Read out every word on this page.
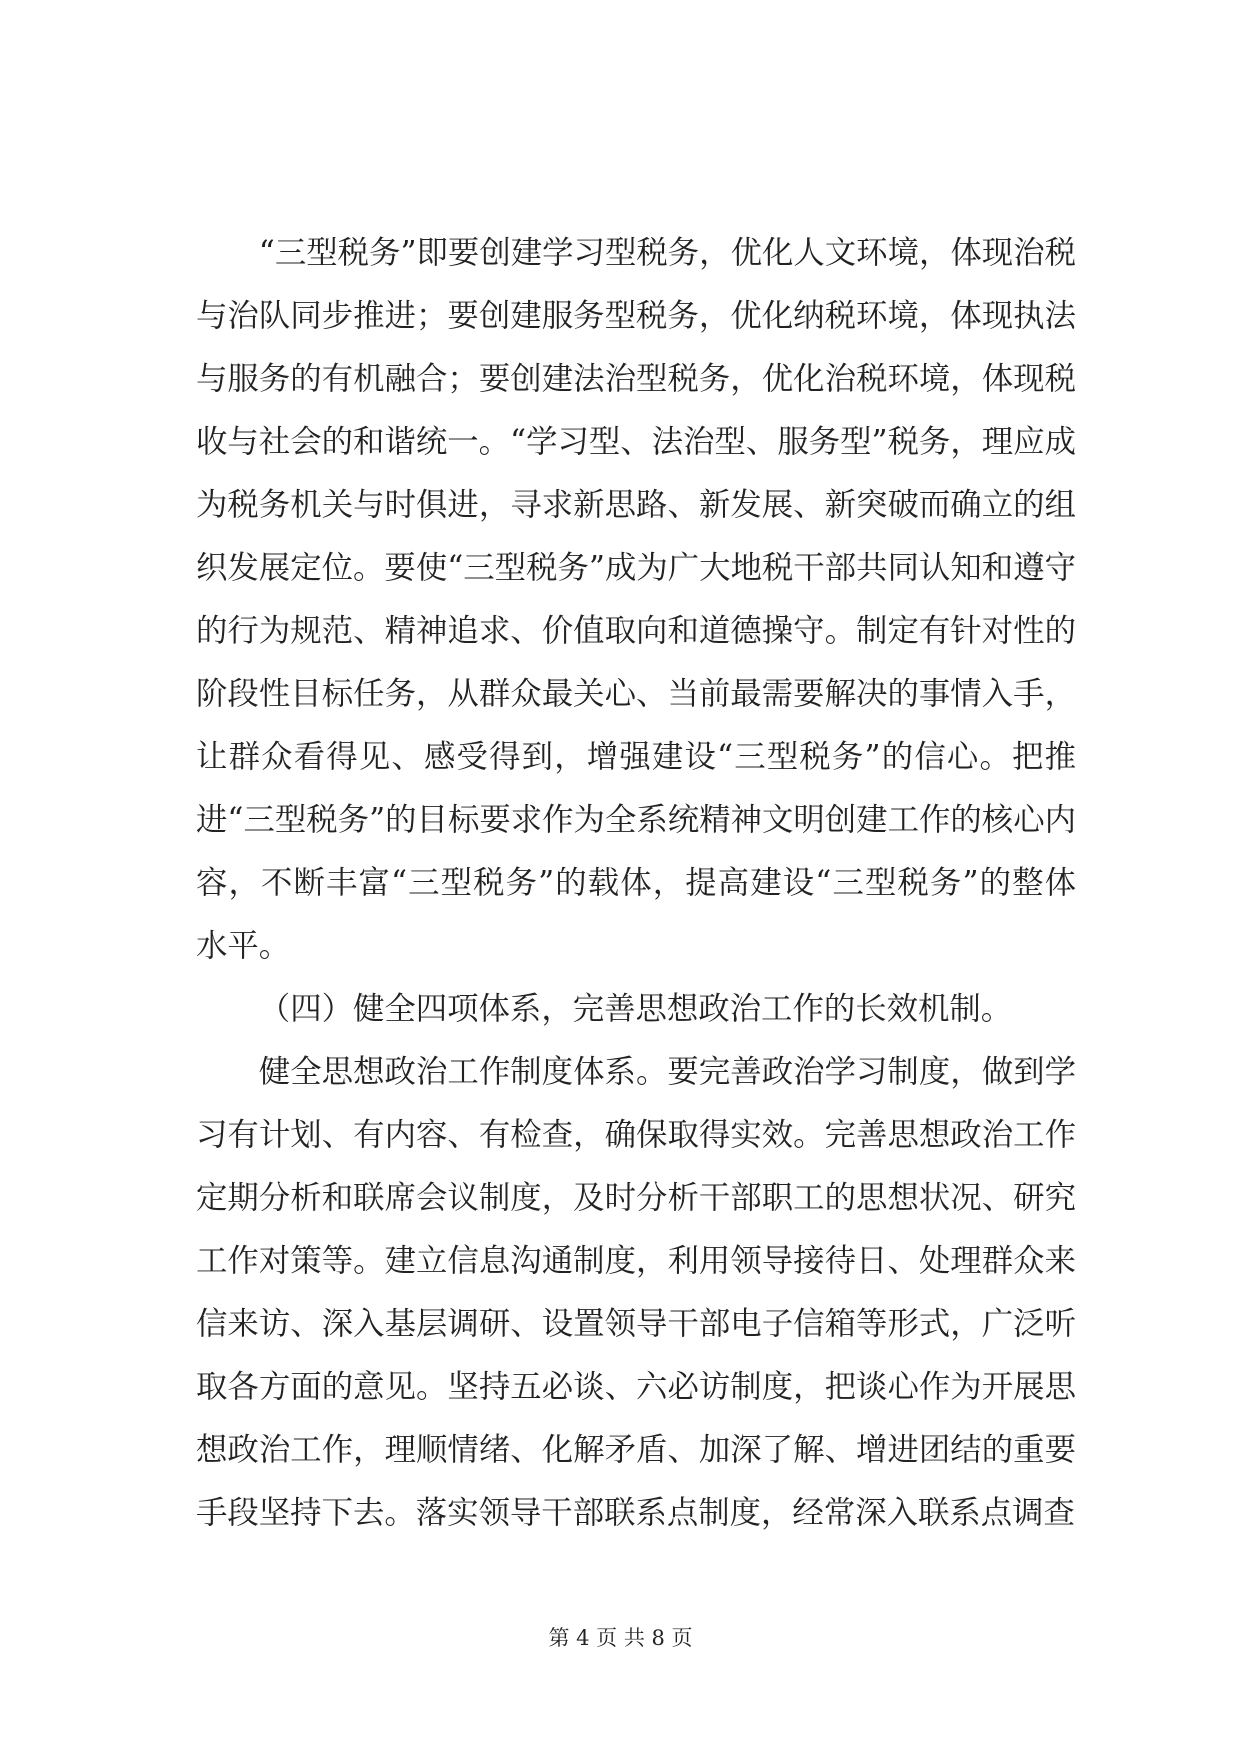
“三型税务”即要创建学习型税务，优化人文环境，体现治税与治队同步推进；要创建服务型税务，优化纳税环境，体现执法与服务的有机融合；要创建法治型税务，优化治税环境，体现税收与社会的和谐统一。“学习型、法治型、服务型”税务，理应成为税务机关与时俱进，寻求新思路、新发展、新突破而确立的组织发展定位。要使“三型税务”成为广大地税干部共同认知和遵守的行为规范、精神追求、价值取向和道德操守。制定有针对性的阶段性目标任务，从群众最关心、当前最需要解决的事情入手，让群众看得见、感受得到，增强建设“三型税务”的信心。把推进“三型税务”的目标要求作为全系统精神文明创建工作的核心内容，不断丰富“三型税务”的载体，提高建设“三型税务”的整体水平。

（四）健全四项体系，完善思想政治工作的长效机制。

健全思想政治工作制度体系。要完善政治学习制度，做到学习有计划、有内容、有检查，确保取得实效。完善思想政治工作定期分析和联席会议制度，及时分析干部职工的思想状况、研究工作对策等。建立信息沟通制度，利用领导接待日、处理群众来信来访、深入基层调研、设置领导干部电子信箱等形式，广泛听取各方面的意见。坚持五必谈、六必访制度，把谈心作为开展思想政治工作，理顺情绪、化解矛盾、加深了解、增进团结的重要手段坚持下去。落实领导干部联系点制度，经常深入联系点调查

第 4 页 共 8 页
